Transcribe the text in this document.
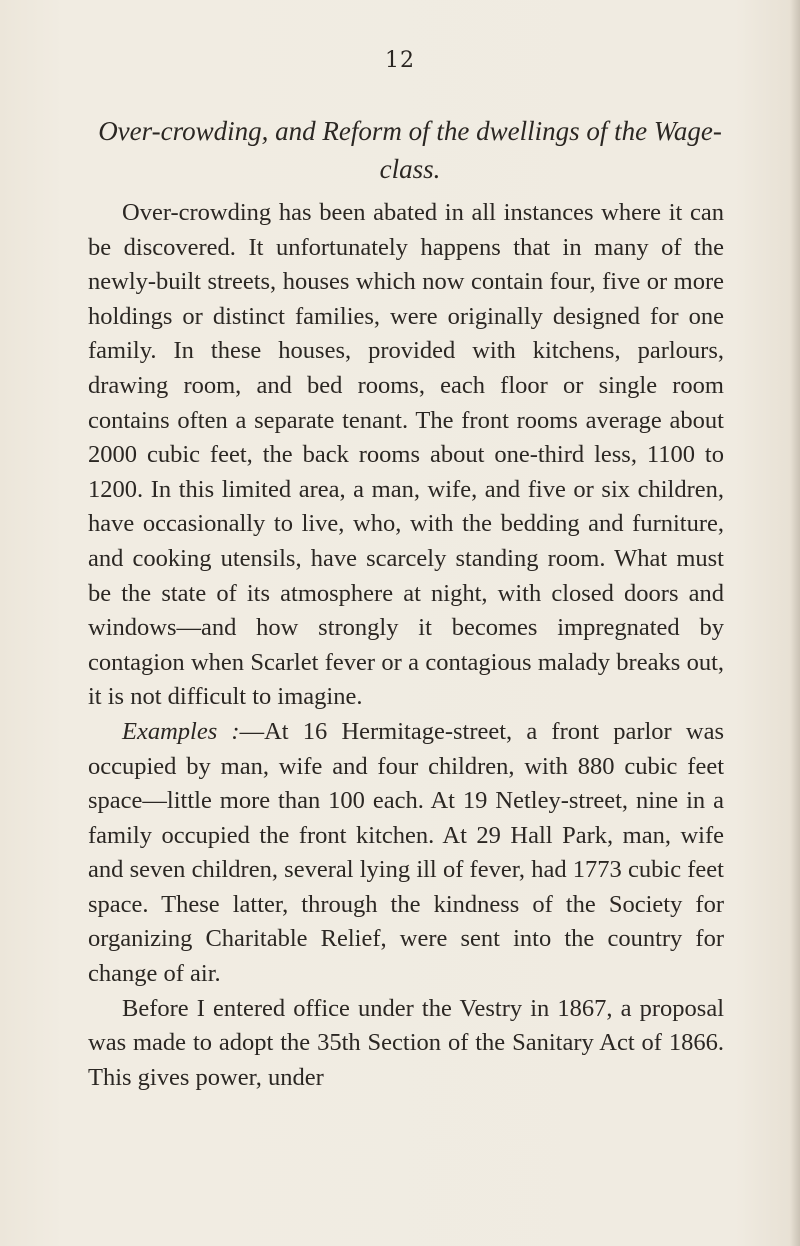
12
Over-crowding, and Reform of the dwellings of the Wage-class.

Over-crowding has been abated in all instances where it can be discovered. It unfortunately happens that in many of the newly-built streets, houses which now contain four, five or more holdings or distinct families, were originally designed for one family. In these houses, provided with kitchens, parlours, drawing room, and bed rooms, each floor or single room contains often a separate tenant. The front rooms average about 2000 cubic feet, the back rooms about one-third less, 1100 to 1200. In this limited area, a man, wife, and five or six children, have occasionally to live, who, with the bedding and furniture, and cooking utensils, have scarcely standing room. What must be the state of its atmosphere at night, with closed doors and windows—and how strongly it becomes impregnated by contagion when Scarlet fever or a contagious malady breaks out, it is not difficult to imagine.

Examples :—At 16 Hermitage-street, a front parlor was occupied by man, wife and four children, with 880 cubic feet space—little more than 100 each. At 19 Netley-street, nine in a family occupied the front kitchen. At 29 Hall Park, man, wife and seven children, several lying ill of fever, had 1773 cubic feet space. These latter, through the kindness of the Society for organizing Charitable Relief, were sent into the country for change of air.

Before I entered office under the Vestry in 1867, a proposal was made to adopt the 35th Section of the Sanitary Act of 1866. This gives power, under
